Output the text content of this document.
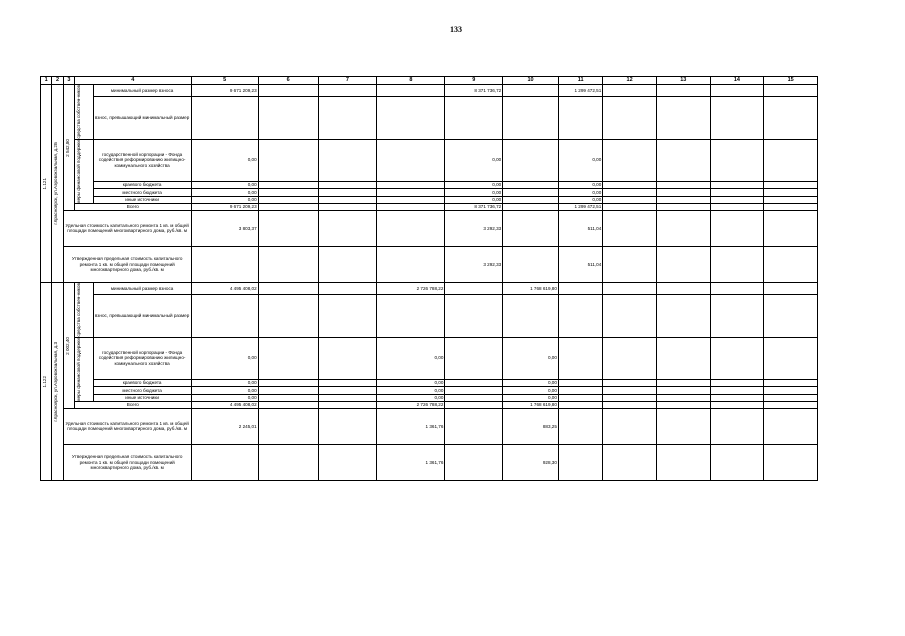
133
1	2	3	4		5	6	7	8	9	10	11	12	13	14	15

1.121	г.Красноярск, ул.Аэровокзальная, д.2Б	2 542,80	средства собствен-ников	минимальный размер взноса	9 671 209,23				8 371 736,72		1 299 472,51				
				взнос, превышающий минимальный размер											

			меры финансовой поддержки	государственной корпорации - Фонда содействия реформированию жилищно-коммунального хозяйства	0,00				0,00		0,00				
				краевого бюджета	0,00				0,00		0,00				
				местного бюджета	0,00				0,00		0,00				
				иные источники	0,00				0,00		0,00				
			Всего		9 671 209,23				8 371 736,72		1 299 472,51				
		Удельная стоимость капитального ремонта 1 кв. м общей площади помещений многоквартирного дома, руб./кв. м			3 803,37				3 292,33		511,04				
		Утвержденная предельная стоимость капитального ремонта 1 кв. м общей площади помещений многоквартирного дома, руб./кв. м							3 292,33		511,04				

1.122	г.Красноярск, ул.Аэровокзальная, д.3	2 002,40	средства собствен-ников	минимальный размер взноса	4 495 408,02			2 726 788,22		1 768 619,80					
				взнос, превышающий минимальный размер											

			меры финансовой поддержки	государственной корпорации - Фонда содействия реформированию жилищно-коммунального хозяйства	0,00			0,00		0,00					
				краевого бюджета	0,00			0,00		0,00					
				местного бюджета	0,00			0,00		0,00					
				иные источники	0,00			0,00		0,00					
			Всего		4 495 408,02			2 726 788,22		1 768 619,80					
		Удельная стоимость капитального ремонта 1 кв. м общей площади помещений многоквартирного дома, руб./кв. м			2 245,01			1 361,76		883,25					
		Утвержденная предельная стоимость капитального ремонта 1 кв. м общей площади помещений многоквартирного дома, руб./кв. м						1 361,76		928,30					
